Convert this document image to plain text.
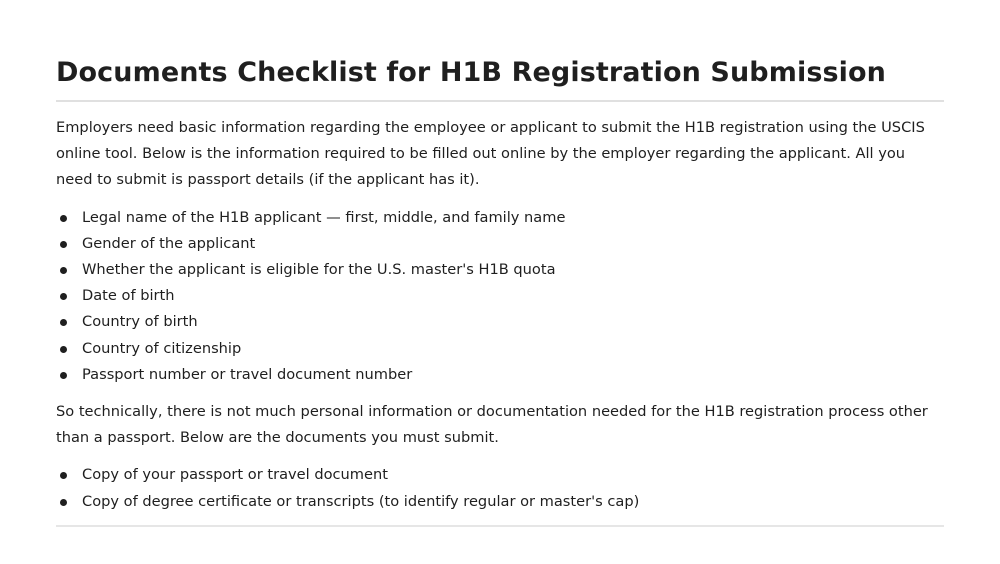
Documents Checklist for H1B Registration Submission

Employers need basic information regarding the employee or applicant to submit the H1B registration using the USCIS online tool. Below is the information required to be filled out online by the employer regarding the applicant. All you need to submit is passport details (if the applicant has it).

Legal name of the H1B applicant — first, middle, and family name
Gender of the applicant
Whether the applicant is eligible for the U.S. master's H1B quota
Date of birth
Country of birth
Country of citizenship
Passport number or travel document number

So technically, there is not much personal information or documentation needed for the H1B registration process other than a passport. Below are the documents you must submit.

Copy of your passport or travel document
Copy of degree certificate or transcripts (to identify regular or master's cap)
